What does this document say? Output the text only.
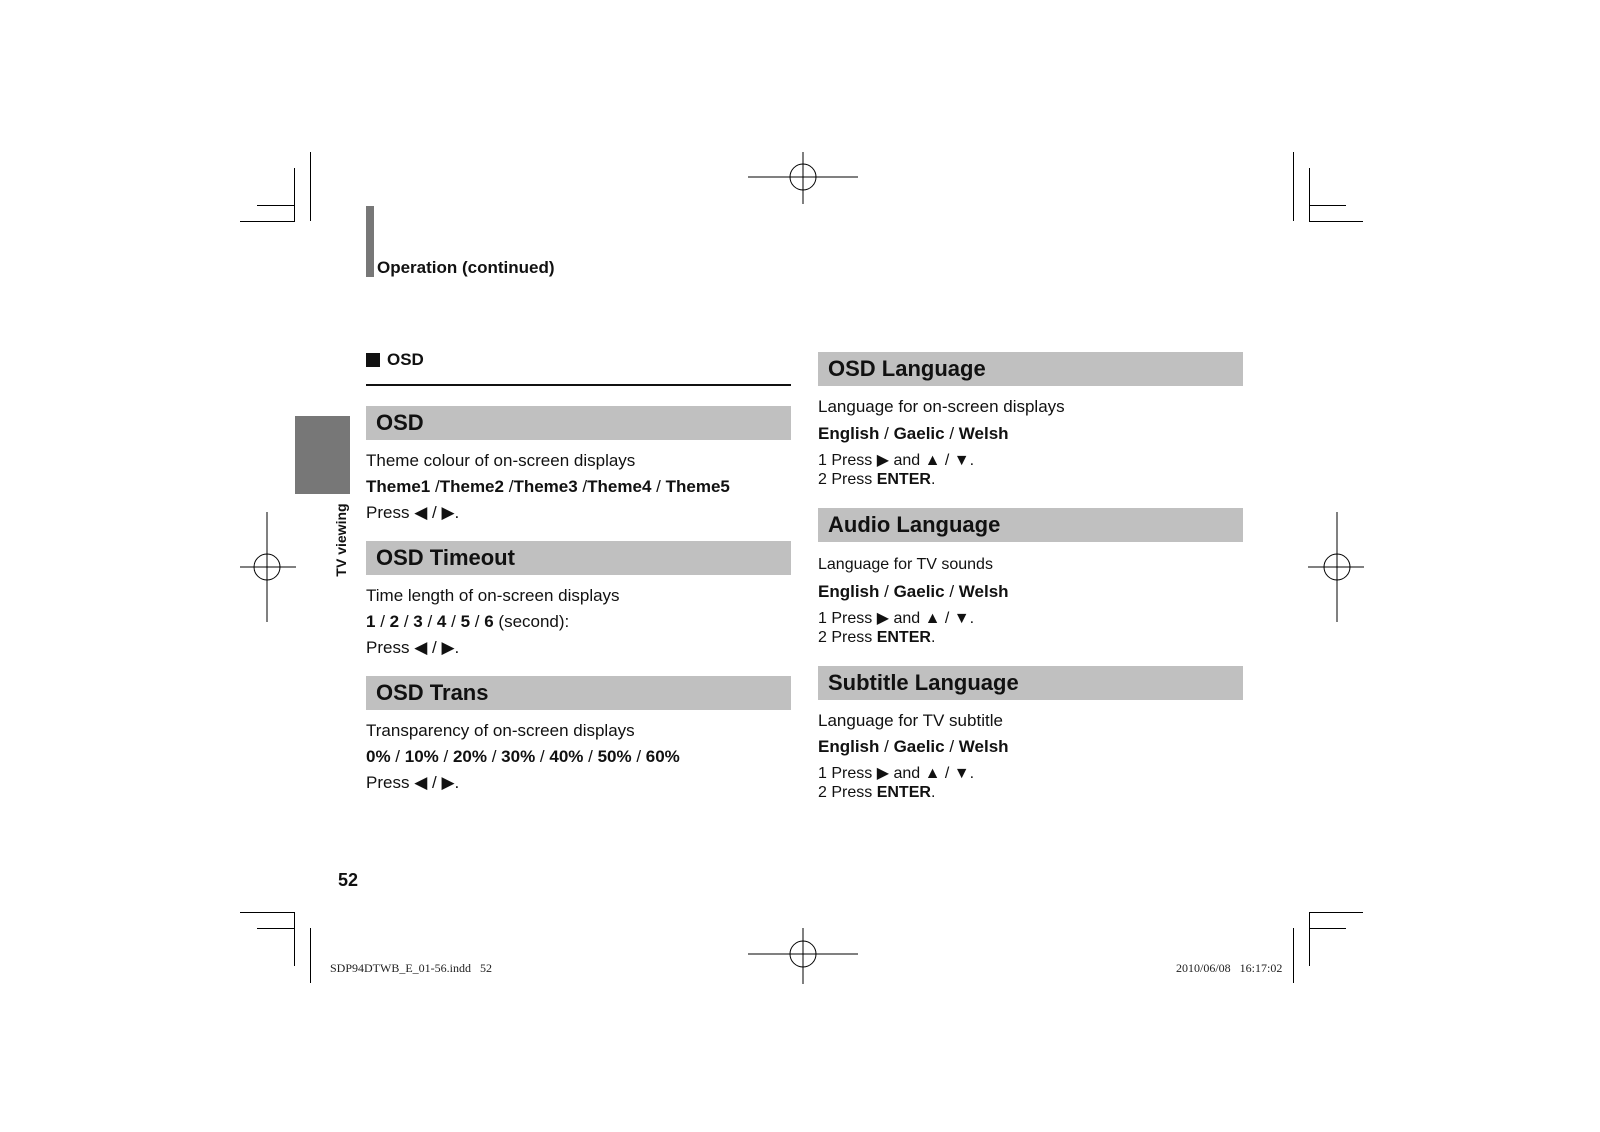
Operation (continued)
TV viewing
OSD
OSD
Theme colour of on-screen displays
Theme1 /Theme2 /Theme3 /Theme4 / Theme5
Press ◀ / ▶.
OSD Timeout
Time length of on-screen displays
1 / 2 / 3 / 4 / 5 / 6 (second):
Press ◀ / ▶.
OSD Trans
Transparency of on-screen displays
0% / 10% / 20% / 30% / 40% / 50% / 60%
Press ◀ / ▶.
OSD Language
Language for on-screen displays
English / Gaelic / Welsh
1 Press ▶ and ▲ / ▼.
2 Press ENTER.
Audio Language
Language for TV sounds
English / Gaelic / Welsh
1 Press ▶ and ▲ / ▼.
2 Press ENTER.
Subtitle Language
Language for TV subtitle
English / Gaelic / Welsh
1 Press ▶ and ▲ / ▼.
2 Press ENTER.
52
SDP94DTWB_E_01-56.indd   52	2010/06/08   16:17:02
